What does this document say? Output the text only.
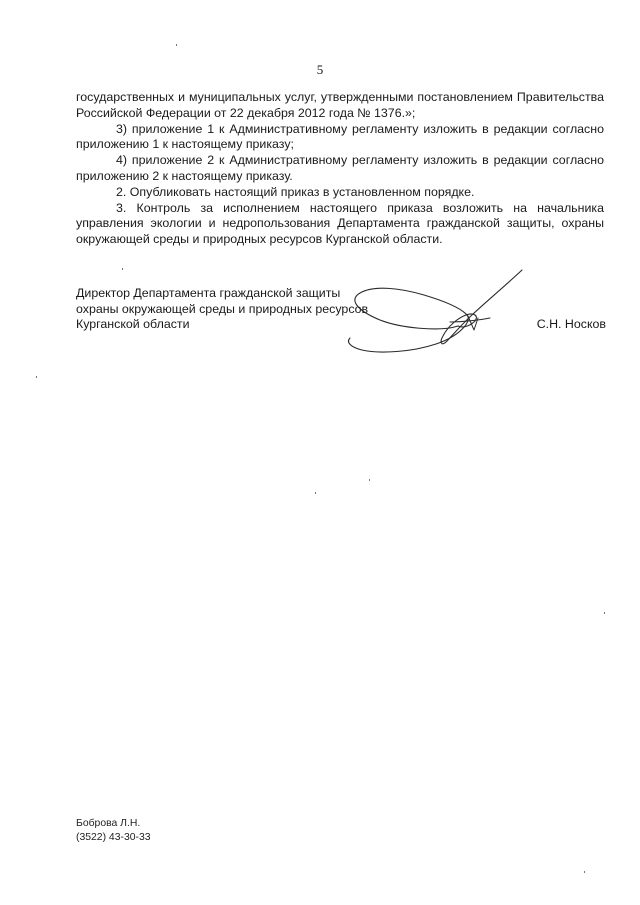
5

государственных и муниципальных услуг, утвержденными постановлением Правительства Российской Федерации от 22 декабря 2012 года № 1376.»;

3) приложение 1 к Административному регламенту изложить в редакции согласно приложению 1 к настоящему приказу;

4) приложение 2 к Административному регламенту изложить в редакции согласно приложению 2 к настоящему приказу.

2. Опубликовать настоящий приказ в установленном порядке.

3. Контроль за исполнением настоящего приказа возложить на начальника управления экологии и недропользования Департамента гражданской защиты, охраны окружающей среды и природных ресурсов Курганской области.

Директор Департамента гражданской защиты
охраны окружающей среды и природных ресурсов
Курганской области	С.Н. Носков
Боброва Л.Н.
(3522) 43-30-33
